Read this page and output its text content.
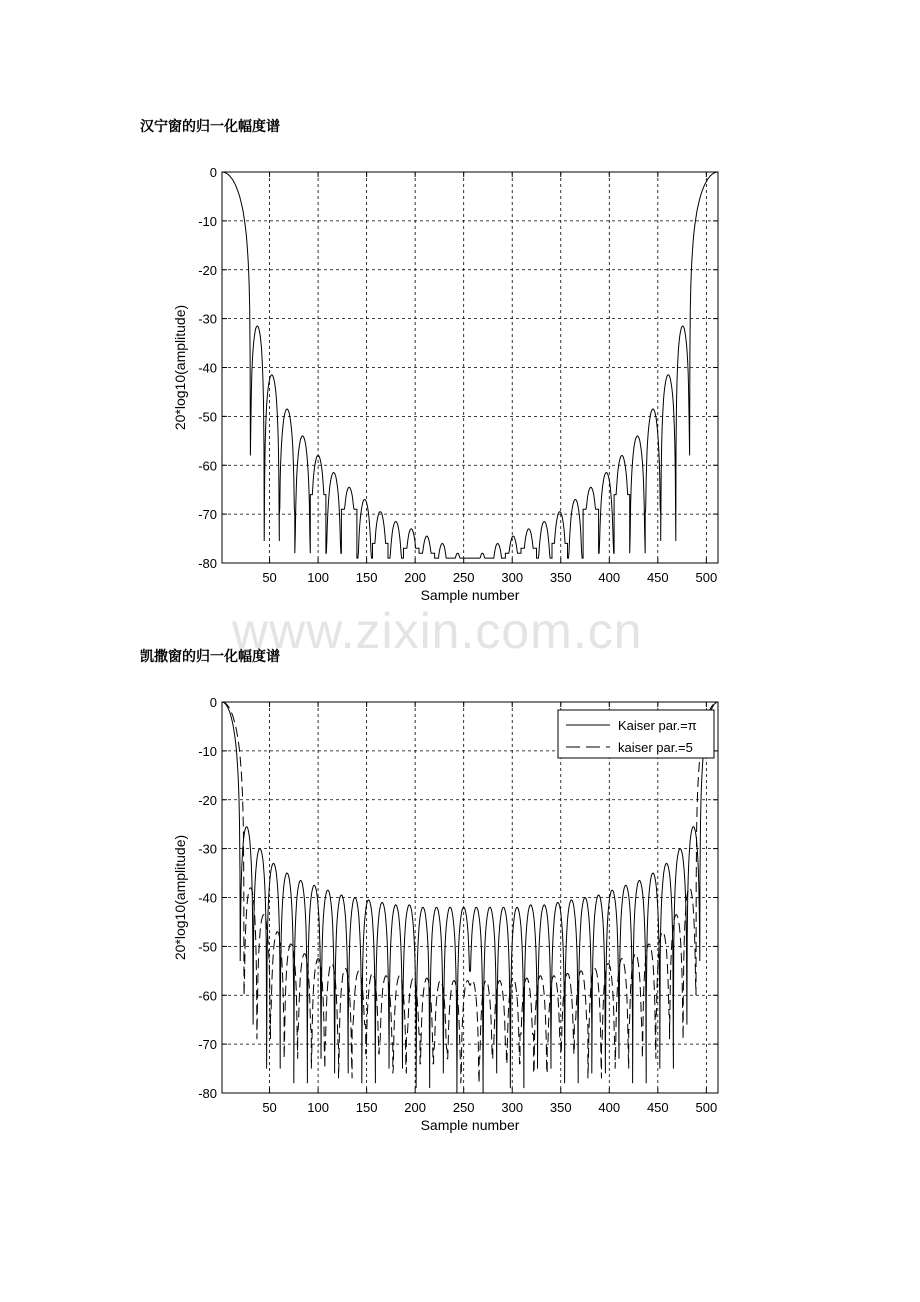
汉宁窗的归一化幅度谱
凯撒窗的归一化幅度谱
www.zixin.com.cn
50 100 150 200 250 300 350 400 450 500
0
-10
-20
-30
-40
-50
-60
-70
-80
Sample number
20*log10(amplitude)
50 100 150 200 250 300 350 400 450 500
0
-10
-20
-30
-40
-50
-60
-70
-80
Sample number
20*log10(amplitude)
Kaiser par.=π
kaiser par.=5
